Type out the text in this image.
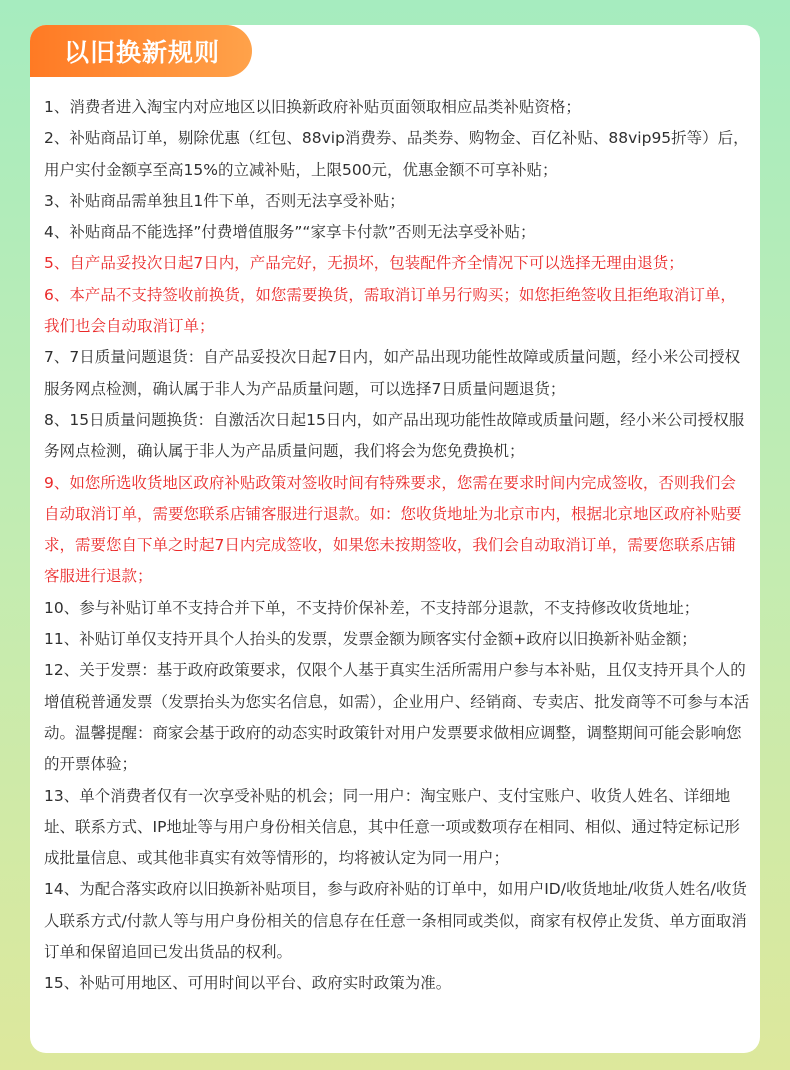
以旧换新规则
1、消费者进入淘宝内对应地区以旧换新政府补贴页面领取相应品类补贴资格；
2、补贴商品订单，剔除优惠（红包、88vip消费券、品类券、购物金、百亿补贴、88vip95折等）后，用户实付金额享至高15%的立减补贴，上限500元，优惠金额不可享补贴；
3、补贴商品需单独且1件下单，否则无法享受补贴；
4、补贴商品不能选择”付费增值服务”“家享卡付款”否则无法享受补贴；
5、自产品妥投次日起7日内，产品完好，无损坏，包装配件齐全情况下可以选择无理由退货；
6、本产品不支持签收前换货，如您需要换货，需取消订单另行购买；如您拒绝签收且拒绝取消订单，我们也会自动取消订单；
7、7日质量问题退货：自产品妥投次日起7日内，如产品出现功能性故障或质量问题，经小米公司授权服务网点检测，确认属于非人为产品质量问题，可以选择7日质量问题退货；
8、15日质量问题换货：自激活次日起15日内，如产品出现功能性故障或质量问题，经小米公司授权服务网点检测，确认属于非人为产品质量问题，我们将会为您免费换机；
9、如您所选收货地区政府补贴政策对签收时间有特殊要求，您需在要求时间内完成签收，否则我们会自动取消订单，需要您联系店铺客服进行退款。如：您收货地址为北京市内，根据北京地区政府补贴要求，需要您自下单之时起7日内完成签收，如果您未按期签收，我们会自动取消订单，需要您联系店铺客服进行退款；
10、参与补贴订单不支持合并下单，不支持价保补差，不支持部分退款，不支持修改收货地址；
11、补贴订单仅支持开具个人抬头的发票，发票金额为顾客实付金额+政府以旧换新补贴金额；
12、关于发票：基于政府政策要求，仅限个人基于真实生活所需用户参与本补贴，且仅支持开具个人的增值税普通发票（发票抬头为您实名信息，如需），企业用户、经销商、专卖店、批发商等不可参与本活动。温馨提醒：商家会基于政府的动态实时政策针对用户发票要求做相应调整，调整期间可能会影响您的开票体验；
13、单个消费者仅有一次享受补贴的机会；同一用户：淘宝账户、支付宝账户、收货人姓名、详细地址、联系方式、IP地址等与用户身份相关信息，其中任意一项或数项存在相同、相似、通过特定标记形成批量信息、或其他非真实有效等情形的，均将被认定为同一用户；
14、为配合落实政府以旧换新补贴项目，参与政府补贴的订单中，如用户ID/收货地址/收货人姓名/收货人联系方式/付款人等与用户身份相关的信息存在任意一条相同或类似，商家有权停止发货、单方面取消订单和保留追回已发出货品的权利。
15、补贴可用地区、可用时间以平台、政府实时政策为准。
